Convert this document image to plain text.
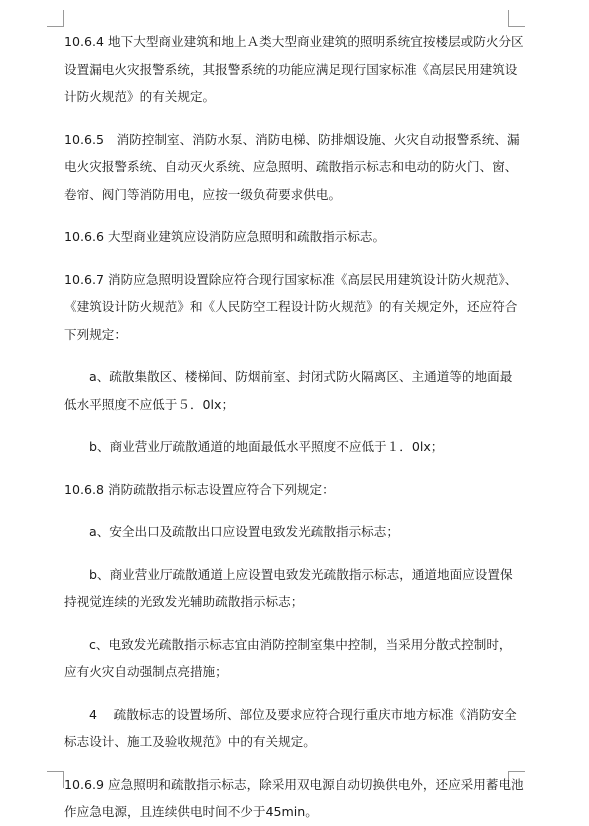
10.6.4 地下大型商业建筑和地上Ａ类大型商业建筑的照明系统宜按楼层或防火分区设置漏电火灾报警系统，其报警系统的功能应满足现行国家标准《高层民用建筑设计防火规范》的有关规定。

10.6.5　消防控制室、消防水泵、消防电梯、防排烟设施、火灾自动报警系统、漏电火灾报警系统、自动灭火系统、应急照明、疏散指示标志和电动的防火门、窗、卷帘、阀门等消防用电，应按一级负荷要求供电。

10.6.6 大型商业建筑应设消防应急照明和疏散指示标志。

10.6.7 消防应急照明设置除应符合现行国家标准《高层民用建筑设计防火规范》、《建筑设计防火规范》和《人民防空工程设计防火规范》的有关规定外，还应符合下列规定：

a、疏散集散区、楼梯间、防烟前室、封闭式防火隔离区、主通道等的地面最低水平照度不应低于５．0lx；

b、商业营业厅疏散通道的地面最低水平照度不应低于１．0lx；

10.6.8 消防疏散指示标志设置应符合下列规定：

a、安全出口及疏散出口应设置电致发光疏散指示标志；

b、商业营业厅疏散通道上应设置电致发光疏散指示标志，通道地面应设置保持视觉连续的光致发光辅助疏散指示标志；

c、电致发光疏散指示标志宜由消防控制室集中控制，当采用分散式控制时，应有火灾自动强制点亮措施；

4　 疏散标志的设置场所、部位及要求应符合现行重庆市地方标准《消防安全标志设计、施工及验收规范》中的有关规定。

10.6.9 应急照明和疏散指示标志，除采用双电源自动切换供电外，还应采用蓄电池作应急电源，且连续供电时间不少于45min。
